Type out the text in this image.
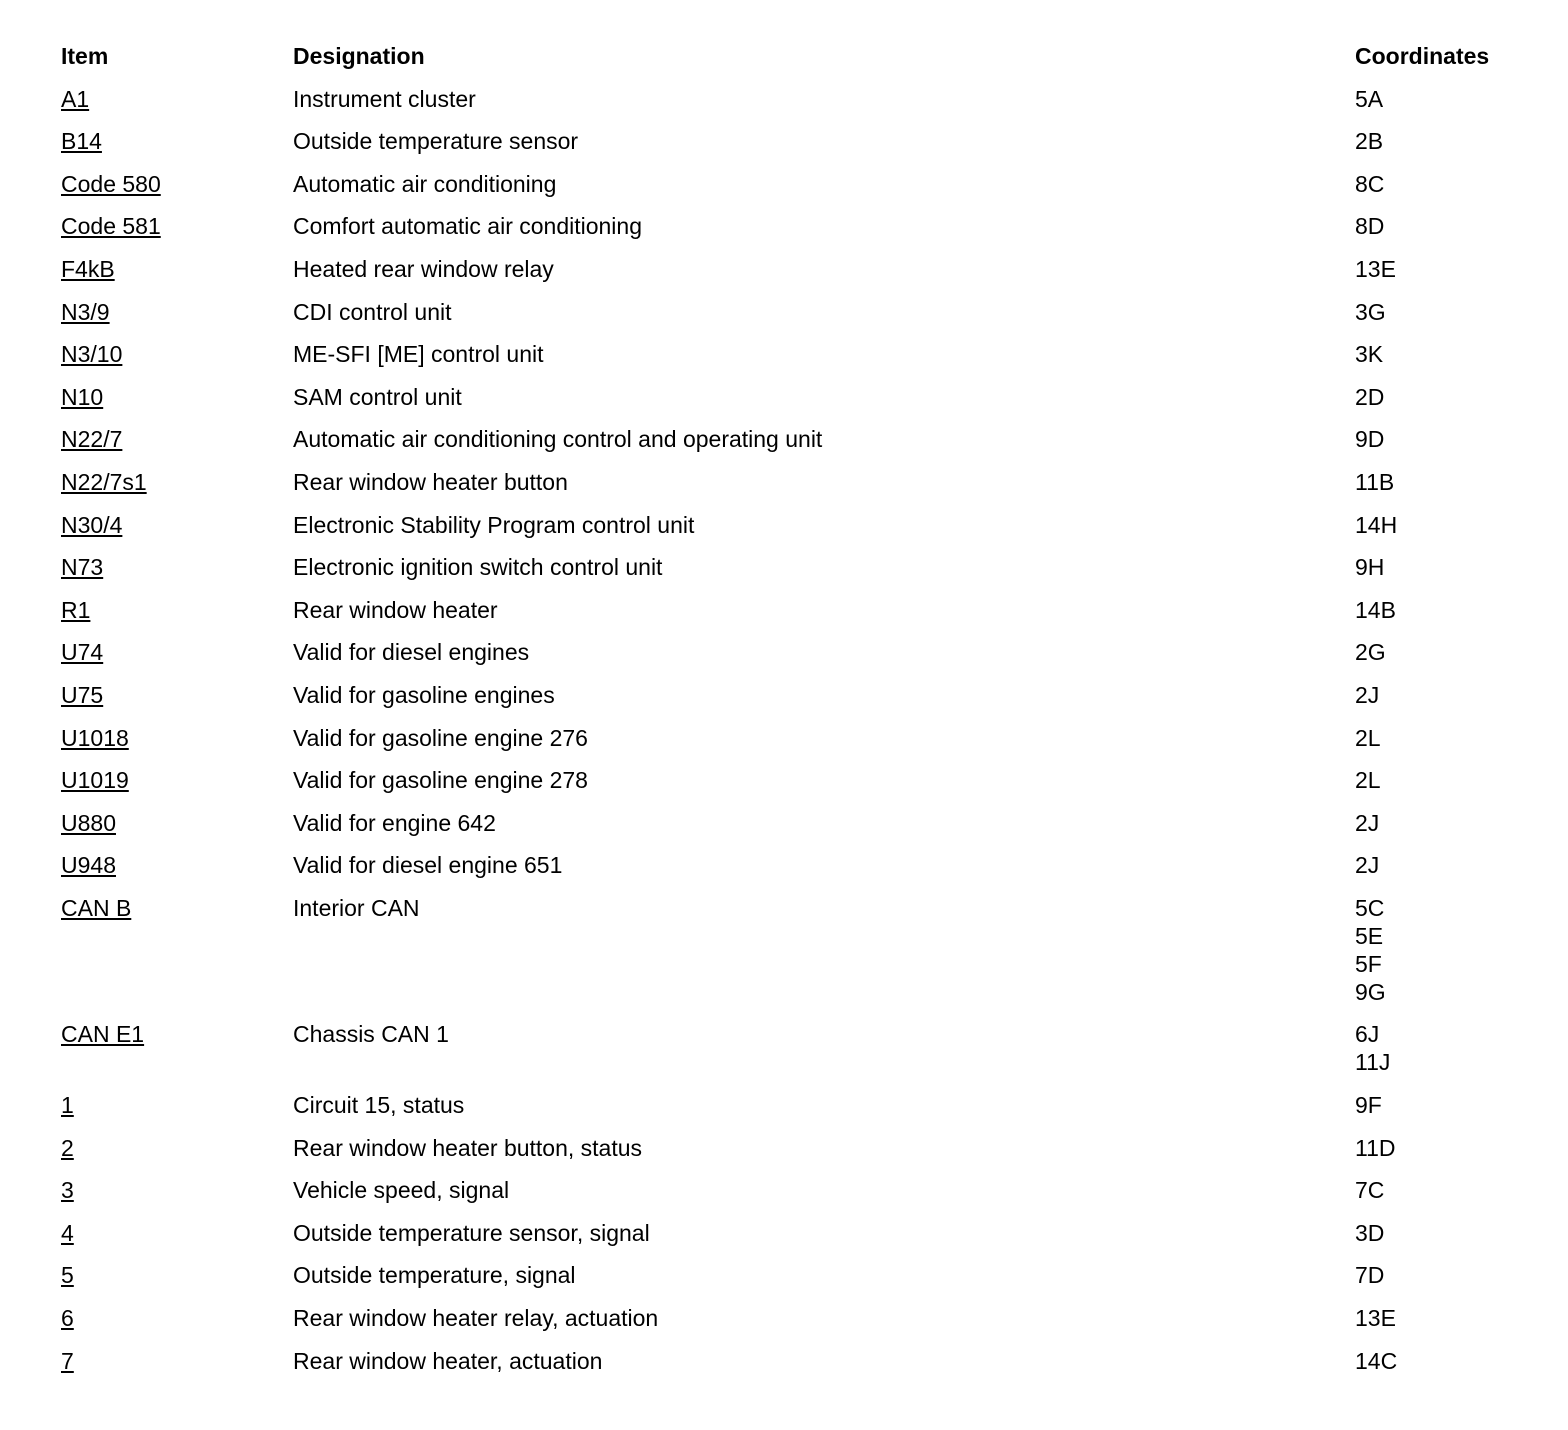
Item	Designation	Coordinates
A1	Instrument cluster	5A
B14	Outside temperature sensor	2B
Code 580	Automatic air conditioning	8C
Code 581	Comfort automatic air conditioning	8D
F4kB	Heated rear window relay	13E
N3/9	CDI control unit	3G
N3/10	ME-SFI [ME] control unit	3K
N10	SAM control unit	2D
N22/7	Automatic air conditioning control and operating unit	9D
N22/7s1	Rear window heater button	11B
N30/4	Electronic Stability Program control unit	14H
N73	Electronic ignition switch control unit	9H
R1	Rear window heater	14B
U74	Valid for diesel engines	2G
U75	Valid for gasoline engines	2J
U1018	Valid for gasoline engine 276	2L
U1019	Valid for gasoline engine 278	2L
U880	Valid for engine 642	2J
U948	Valid for diesel engine 651	2J
CAN B	Interior CAN	5C
5E
5F
9G
CAN E1	Chassis CAN 1	6J
11J
1	Circuit 15, status	9F
2	Rear window heater button, status	11D
3	Vehicle speed, signal	7C
4	Outside temperature sensor, signal	3D
5	Outside temperature, signal	7D
6	Rear window heater relay, actuation	13E
7	Rear window heater, actuation	14C
